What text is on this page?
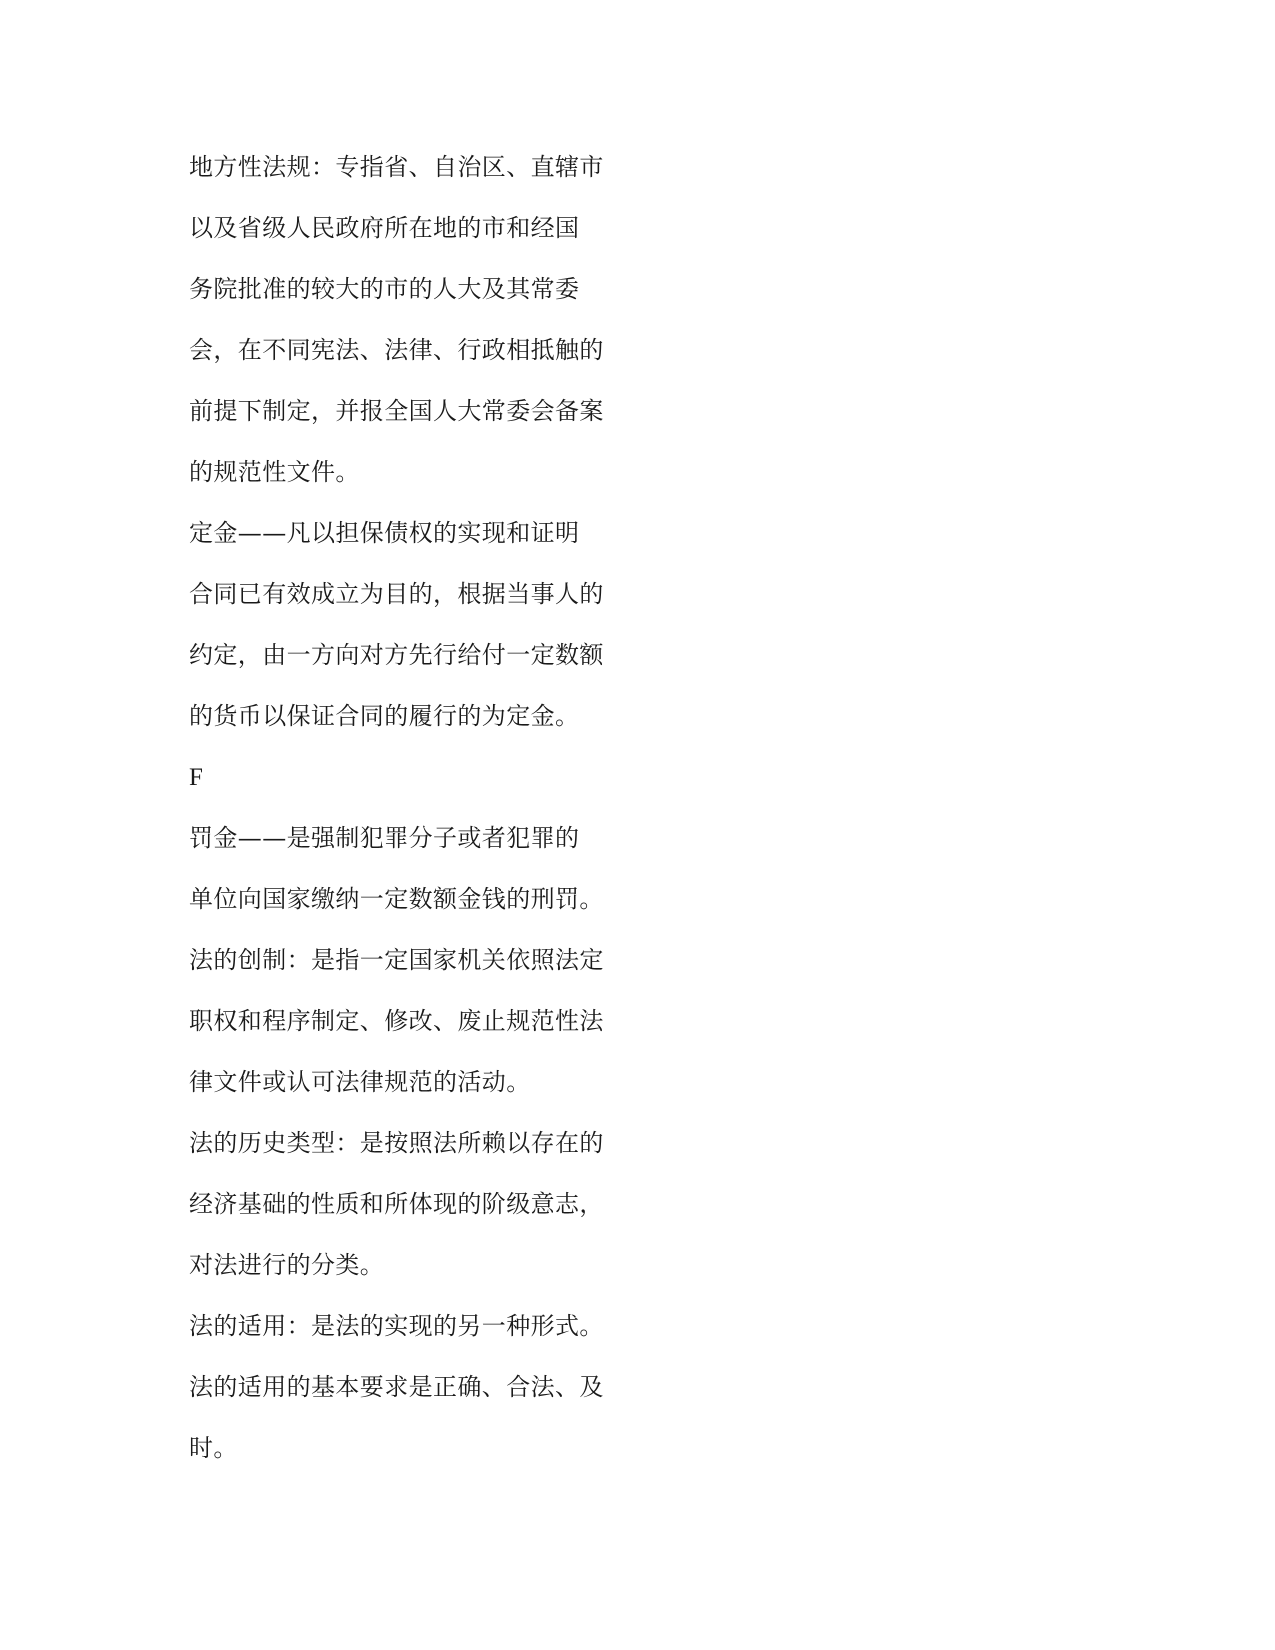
地方性法规：专指省、自治区、直辖市
以及省级人民政府所在地的市和经国
务院批准的较大的市的人大及其常委
会，在不同宪法、法律、行政相抵触的
前提下制定，并报全国人大常委会备案
的规范性文件。
定金——凡以担保债权的实现和证明
合同已有效成立为目的，根据当事人的
约定，由一方向对方先行给付一定数额
的货币以保证合同的履行的为定金。
F
罚金——是强制犯罪分子或者犯罪的
单位向国家缴纳一定数额金钱的刑罚。
法的创制：是指一定国家机关依照法定
职权和程序制定、修改、废止规范性法
律文件或认可法律规范的活动。
法的历史类型：是按照法所赖以存在的
经济基础的性质和所体现的阶级意志，
对法进行的分类。
法的适用：是法的实现的另一种形式。
法的适用的基本要求是正确、合法、及
时。
